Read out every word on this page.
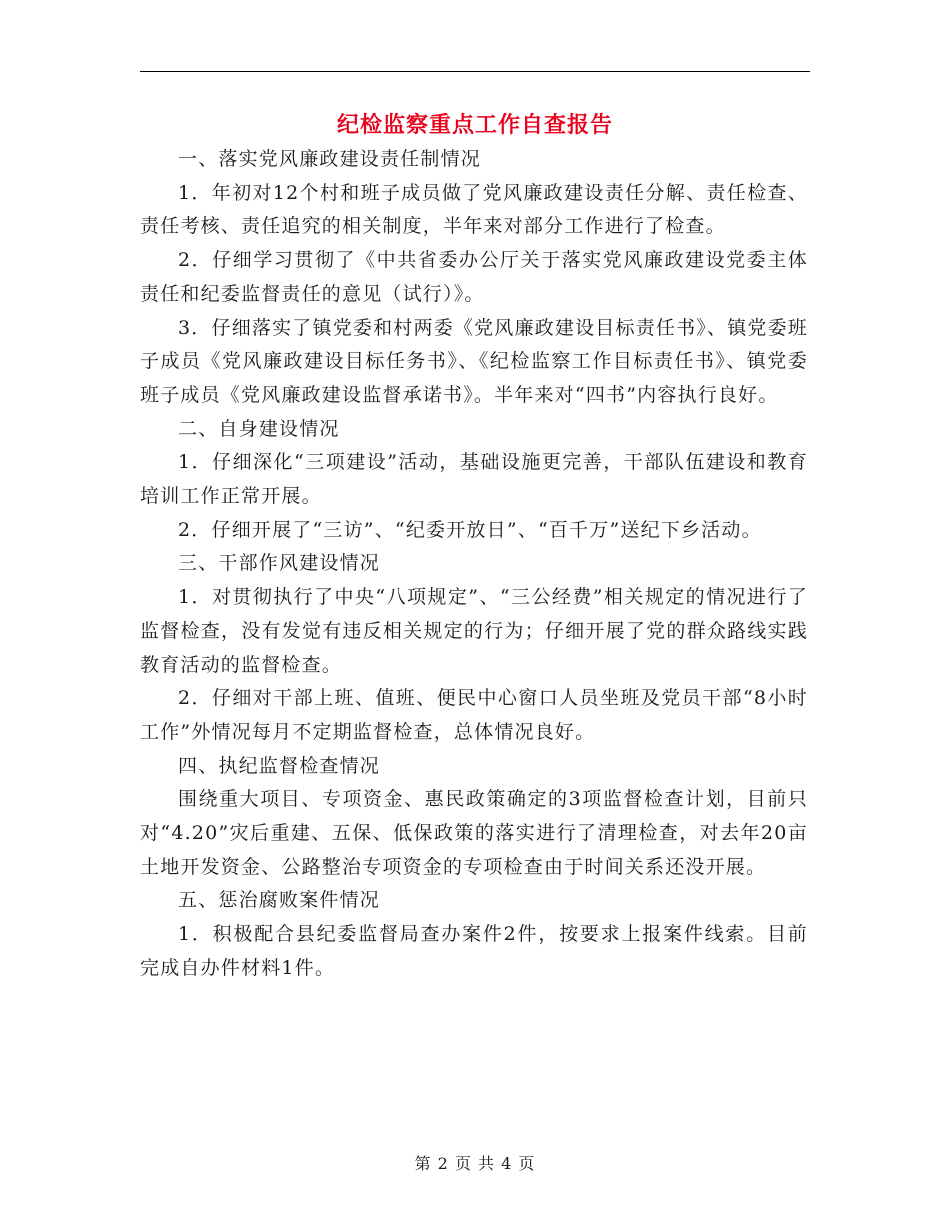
纪检监察重点工作自查报告

一、落实党风廉政建设责任制情况

1．年初对12个村和班子成员做了党风廉政建设责任分解、责任检查、责任考核、责任追究的相关制度，半年来对部分工作进行了检查。

2．仔细学习贯彻了《中共省委办公厅关于落实党风廉政建设党委主体责任和纪委监督责任的意见（试行）》。

3．仔细落实了镇党委和村两委《党风廉政建设目标责任书》、镇党委班子成员《党风廉政建设目标任务书》、《纪检监察工作目标责任书》、镇党委班子成员《党风廉政建设监督承诺书》。半年来对“四书”内容执行良好。

二、自身建设情况

1．仔细深化“三项建设”活动，基础设施更完善，干部队伍建设和教育培训工作正常开展。

2．仔细开展了“三访”、“纪委开放日”、“百千万”送纪下乡活动。

三、干部作风建设情况

1．对贯彻执行了中央“八项规定”、“三公经费”相关规定的情况进行了监督检查，没有发觉有违反相关规定的行为；仔细开展了党的群众路线实践教育活动的监督检查。

2．仔细对干部上班、值班、便民中心窗口人员坐班及党员干部“8小时工作”外情况每月不定期监督检查，总体情况良好。

四、执纪监督检查情况

围绕重大项目、专项资金、惠民政策确定的3项监督检查计划，目前只对“4.20”灾后重建、五保、低保政策的落实进行了清理检查，对去年20亩土地开发资金、公路整治专项资金的专项检查由于时间关系还没开展。

五、惩治腐败案件情况

1．积极配合县纪委监督局查办案件2件，按要求上报案件线索。目前完成自办件材料1件。

第 2 页 共 4 页
